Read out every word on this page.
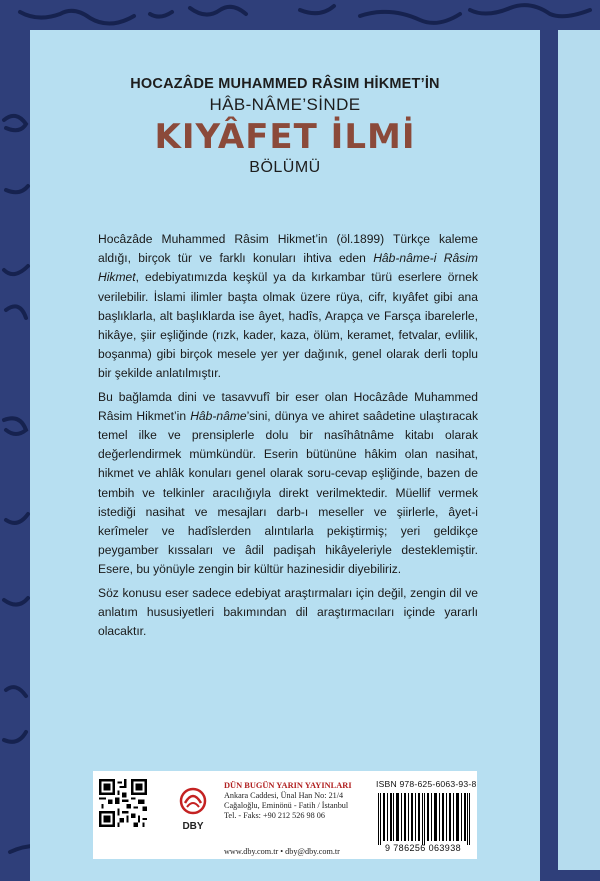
HOCAZÂDE MUHAMMED RÂSIM HİKMET’İN
HÂB-NÂME’SİNDE
KIYÂFET İLMİ
BÖLÜMÜ

Hocâzâde Muhammed Râsim Hikmet’in (öl.1899) Türkçe kaleme aldığı, birçok tür ve farklı konuları ihtiva eden Hâb-nâme-i Râsim Hikmet, edebiyatımızda keşkül ya da kırkambar türü eserlere örnek verilebilir. İslami ilimler başta olmak üzere rüya, cifr, kıyâfet gibi ana başlıklarla, alt başlıklarda ise âyet, hadîs, Arapça ve Farsça ibarelerle, hikâye, şiir eşliğinde (rızk, kader, kaza, ölüm, keramet, fetvalar, evlilik, boşanma) gibi birçok mesele yer yer dağınık, genel olarak derli toplu bir şekilde anlatılmıştır.

Bu bağlamda dini ve tasavvufî bir eser olan Hocâzâde Muhammed Râsim Hikmet’in Hâb-nâme’sini, dünya ve ahiret saâdetine ulaştıracak temel ilke ve prensiplerle dolu bir nasîhâtnâme kitabı olarak değerlendirmek mümkündür. Eserin bütününe hâkim olan nasihat, hikmet ve ahlâk konuları genel olarak soru-cevap eşliğinde, bazen de tembih ve telkinler aracılığıyla direkt verilmektedir. Müellif vermek istediği nasihat ve mesajları darb-ı meseller ve şiirlerle, âyet-i kerîmeler ve hadîslerden alıntılarla pekiştirmiş; yeri geldikçe peygamber kıssaları ve âdil padişah hikâyeleriyle desteklemiştir. Esere, bu yönüyle zengin bir kültür hazinesidir diyebiliriz.

Söz konusu eser sadece edebiyat araştırmaları için değil, zengin dil ve anlatım hususiyetleri bakımından dil araştırmacıları içinde yararlı olacaktır.

DBY
DÜN BUGÜN YARIN YAYINLARI
Ankara Caddesi, Ünal Han No: 21/4
Cağaloğlu, Eminönü - Fatih / İstanbul
Tel. - Faks: +90 212 526 98 06
www.dby.com.tr • dby@dby.com.tr
ISBN 978-625-6063-93-8
9 786256 063938
